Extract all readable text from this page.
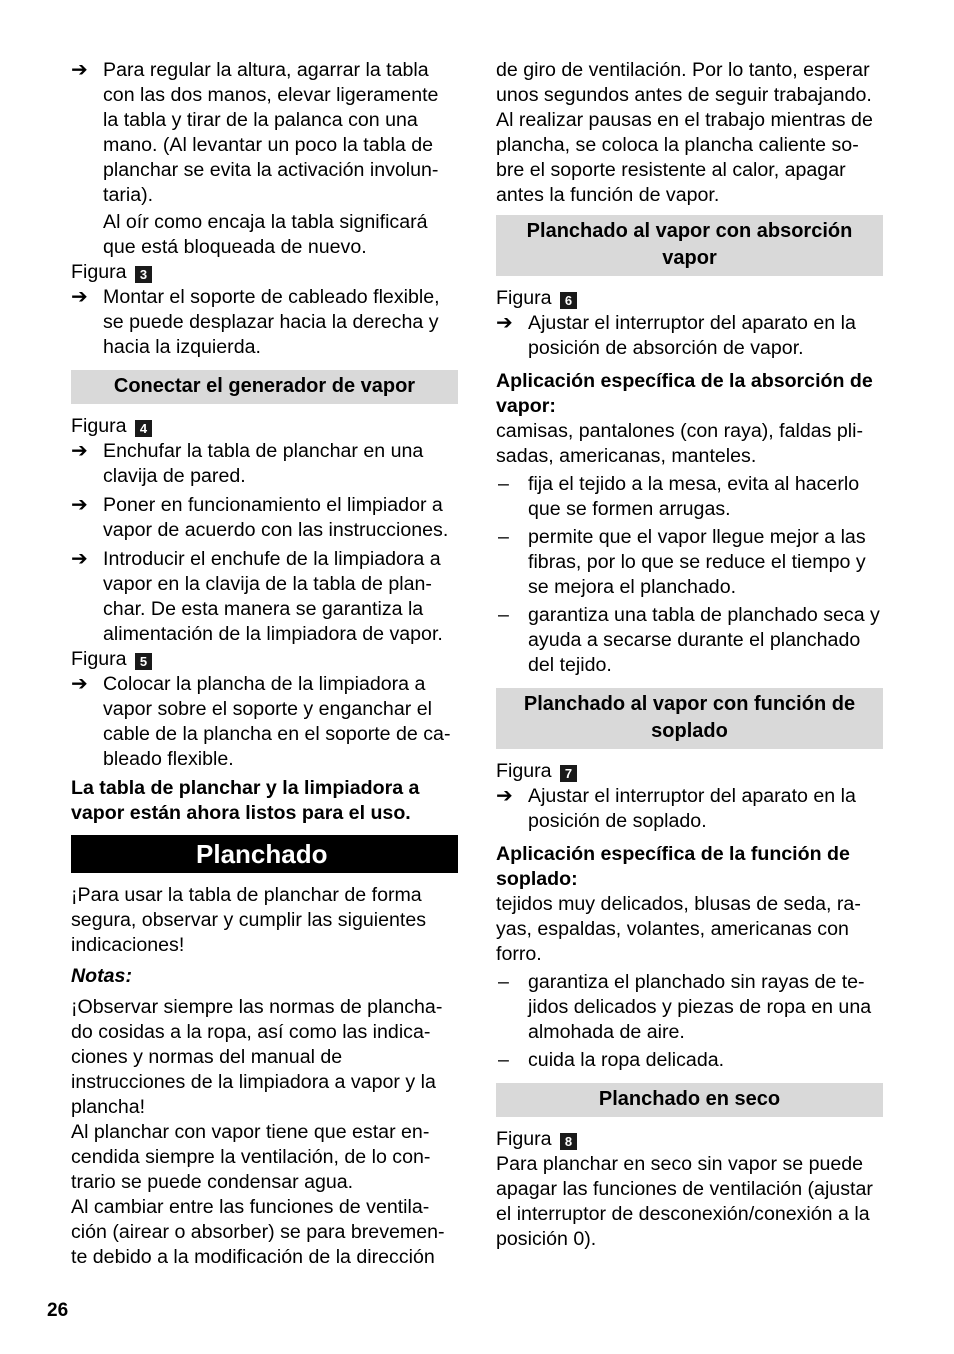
➔ Para regular la altura, agarrar la tabla con las dos manos, elevar ligeramente la tabla y tirar de la palanca con una mano. (Al levantar un poco la tabla de planchar se evita la activación involun-taria).

Al oír como encaja la tabla significará que está bloqueada de nuevo.

Figura 3

➔ Montar el soporte de cableado flexible, se puede desplazar hacia la derecha y hacia la izquierda.

Conectar el generador de vapor

Figura 4

➔ Enchufar la tabla de planchar en una clavija de pared.

➔ Poner en funcionamiento el limpiador a vapor de acuerdo con las instrucciones.

➔ Introducir el enchufe de la limpiadora a vapor en la clavija de la tabla de plan-char. De esta manera se garantiza la alimentación de la limpiadora de vapor.

Figura 5

➔ Colocar la plancha de la limpiadora a vapor sobre el soporte y enganchar el cable de la plancha en el soporte de ca-bleado flexible.

La tabla de planchar y la limpiadora a vapor están ahora listos para el uso.

Planchado

¡Para usar la tabla de planchar de forma segura, observar y cumplir las siguientes indicaciones!

Notas:

¡Observar siempre las normas de plancha-do cosidas a la ropa, así como las indica-ciones y normas del manual de instrucciones de la limpiadora a vapor y la plancha!

Al planchar con vapor tiene que estar en-cendida siempre la ventilación, de lo con-trario se puede condensar agua.

Al cambiar entre las funciones de ventila-ción (airear o absorber) se para brevemen-te debido a la modificación de la dirección

de giro de ventilación. Por lo tanto, esperar unos segundos antes de seguir trabajando. Al realizar pausas en el trabajo mientras de plancha, se coloca la plancha caliente so-bre el soporte resistente al calor, apagar antes la función de vapor.

Planchado al vapor con absorción vapor

Figura 6

➔ Ajustar el interruptor del aparato en la posición de absorción de vapor.

Aplicación específica de la absorción de vapor:

camisas, pantalones (con raya), faldas pli-sadas, americanas, manteles.

– fija el tejido a la mesa, evita al hacerlo que se formen arrugas.

– permite que el vapor llegue mejor a las fibras, por lo que se reduce el tiempo y se mejora el planchado.

– garantiza una tabla de planchado seca y ayuda a secarse durante el planchado del tejido.

Planchado al vapor con función de soplado

Figura 7

➔ Ajustar el interruptor del aparato en la posición de soplado.

Aplicación específica de la función de soplado:

tejidos muy delicados, blusas de seda, ra-yas, espaldas, volantes, americanas con forro.

– garantiza el planchado sin rayas de te-jidos delicados y piezas de ropa en una almohada de aire.

– cuida la ropa delicada.

Planchado en seco

Figura 8

Para planchar en seco sin vapor se puede apagar las funciones de ventilación (ajustar el interruptor de desconexión/conexión a la posición 0).

26
